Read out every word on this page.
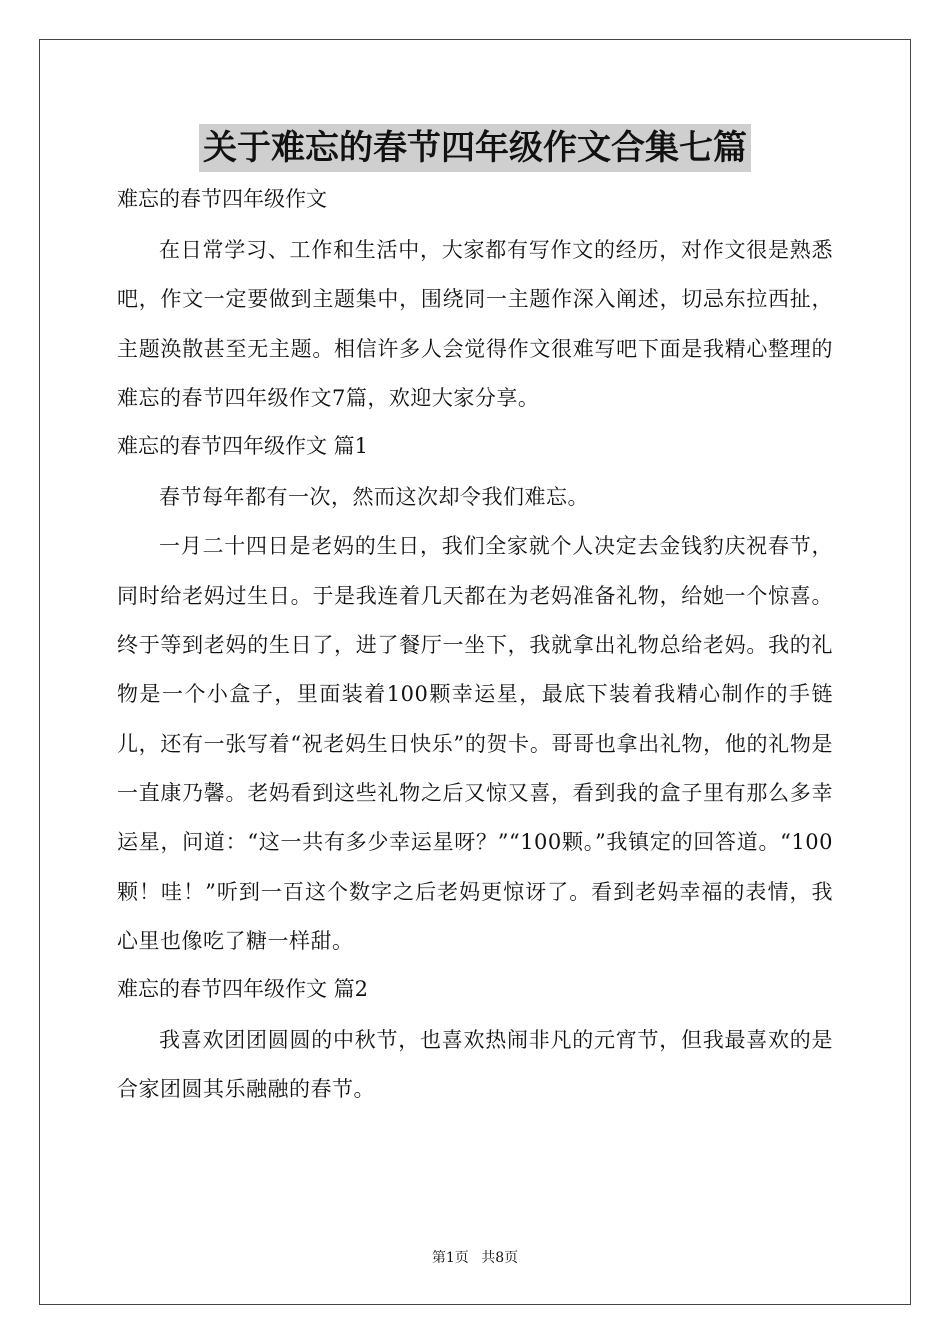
关于难忘的春节四年级作文合集七篇

难忘的春节四年级作文

在日常学习、工作和生活中，大家都有写作文的经历，对作文很是熟悉吧，作文一定要做到主题集中，围绕同一主题作深入阐述，切忌东拉西扯，主题涣散甚至无主题。相信许多人会觉得作文很难写吧下面是我精心整理的难忘的春节四年级作文7篇，欢迎大家分享。

难忘的春节四年级作文 篇1

春节每年都有一次，然而这次却令我们难忘。

一月二十四日是老妈的生日，我们全家就个人决定去金钱豹庆祝春节，同时给老妈过生日。于是我连着几天都在为老妈准备礼物，给她一个惊喜。终于等到老妈的生日了，进了餐厅一坐下，我就拿出礼物总给老妈。我的礼物是一个小盒子，里面装着100颗幸运星，最底下装着我精心制作的手链儿，还有一张写着“祝老妈生日快乐”的贺卡。哥哥也拿出礼物，他的礼物是一直康乃馨。老妈看到这些礼物之后又惊又喜，看到我的盒子里有那么多幸运星，问道：“这一共有多少幸运星呀？”“100颗。”我镇定的回答道。“100颗！哇！”听到一百这个数字之后老妈更惊讶了。看到老妈幸福的表情，我心里也像吃了糖一样甜。

难忘的春节四年级作文 篇2

我喜欢团团圆圆的中秋节，也喜欢热闹非凡的元宵节，但我最喜欢的是合家团圆其乐融融的春节。

第1页 共8页
